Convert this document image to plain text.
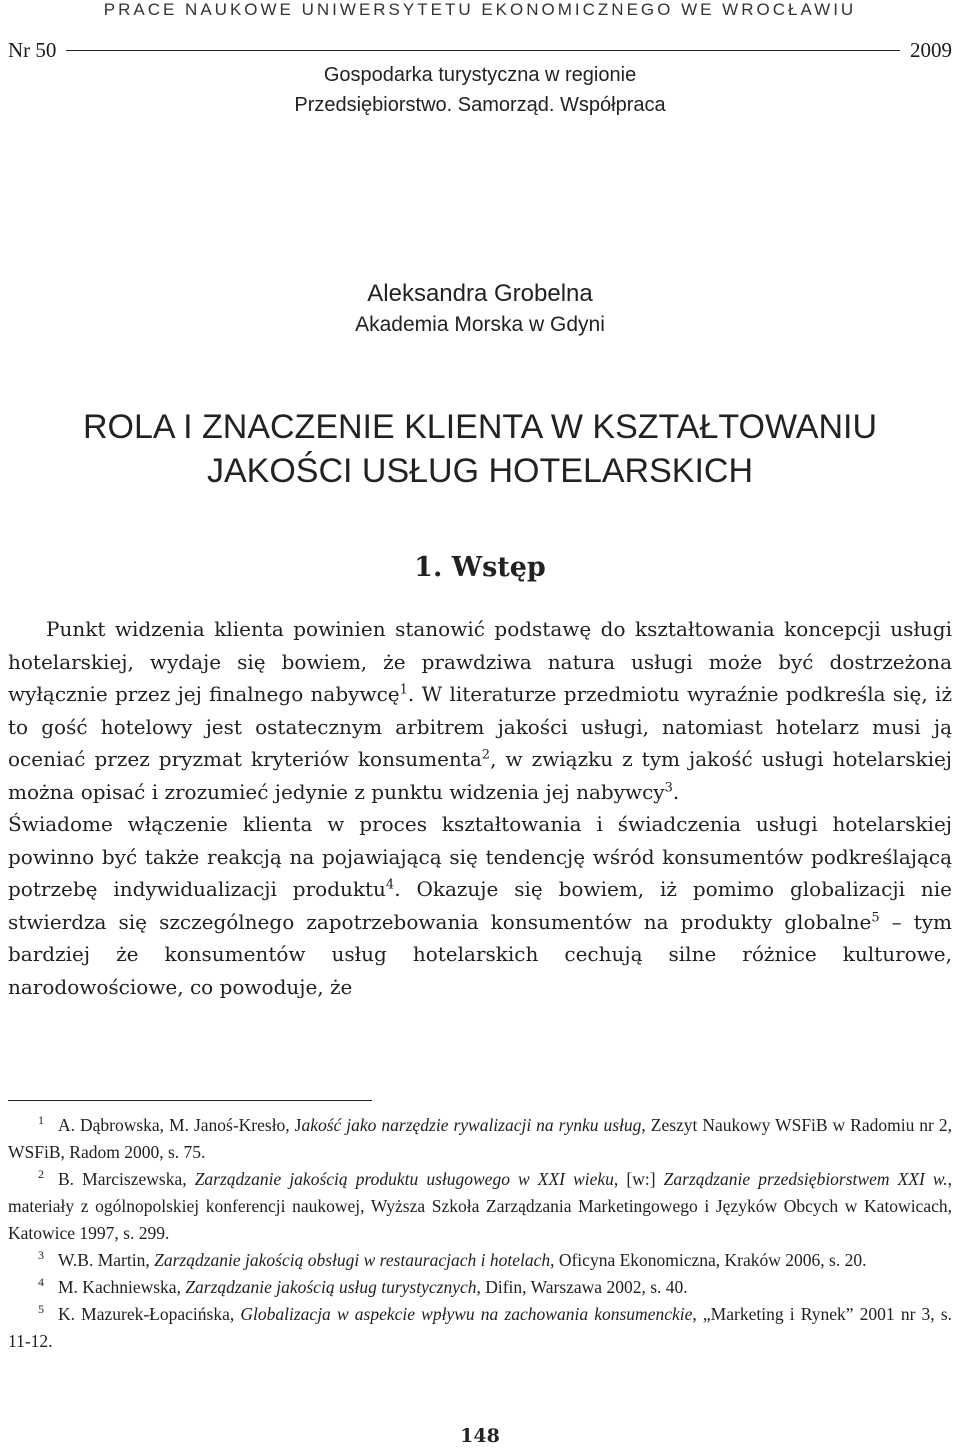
PRACE NAUKOWE UNIWERSYTETU EKONOMICZNEGO WE WROCŁAWIU
Nr 50	2009
Gospodarka turystyczna w regionie
Przedsiębiorstwo. Samorząd. Współpraca
Aleksandra Grobelna
Akademia Morska w Gdyni
ROLA I ZNACZENIE KLIENTA W KSZTAŁTOWANIU
JAKOŚCI USŁUG HOTELARSKICH
1. Wstęp

Punkt widzenia klienta powinien stanowić podstawę do kształtowania koncepcji usługi hotelarskiej, wydaje się bowiem, że prawdziwa natura usługi może być dostrzeżona wyłącznie przez jej finalnego nabywcę$^1$. W literaturze przedmiotu wyraźnie podkreśla się, iż to gość hotelowy jest ostatecznym arbitrem jakości usługi, natomiast hotelarz musi ją oceniać przez pryzmat kryteriów konsumenta$^2$, w związku z tym jakość usługi hotelarskiej można opisać i zrozumieć jedynie z punktu widzenia jej nabywcy$^3$.

Świadome włączenie klienta w proces kształtowania i świadczenia usługi hotelarskiej powinno być także reakcją na pojawiającą się tendencję wśród konsumentów podkreślającą potrzebę indywidualizacji produktu$^4$. Okazuje się bowiem, iż pomimo globalizacji nie stwierdza się szczególnego zapotrzebowania konsumentów na produkty globalne$^5$ – tym bardziej że konsumentów usług hotelarskich cechują silne różnice kulturowe, narodowościowe, co powoduje, że

$^1$ A. Dąbrowska, M. Janoś-Kresło, Jakość jako narzędzie rywalizacji na rynku usług, Zeszyt Naukowy WSFiB w Radomiu nr 2, WSFiB, Radom 2000, s. 75.

$^2$ B. Marciszewska, Zarządzanie jakością produktu usługowego w XXI wieku, [w:] Zarządzanie przedsiębiorstwem XXI w., materiały z ogólnopolskiej konferencji naukowej, Wyższa Szkoła Zarządzania Marketingowego i Języków Obcych w Katowicach, Katowice 1997, s. 299.

$^3$ W.B. Martin, Zarządzanie jakością obsługi w restauracjach i hotelach, Oficyna Ekonomiczna, Kraków 2006, s. 20.

$^4$ M. Kachniewska, Zarządzanie jakością usług turystycznych, Difin, Warszawa 2002, s. 40.

$^5$ K. Mazurek-Łopacińska, Globalizacja w aspekcie wpływu na zachowania konsumenckie, „Marketing i Rynek” 2001 nr 3, s. 11-12.

148
